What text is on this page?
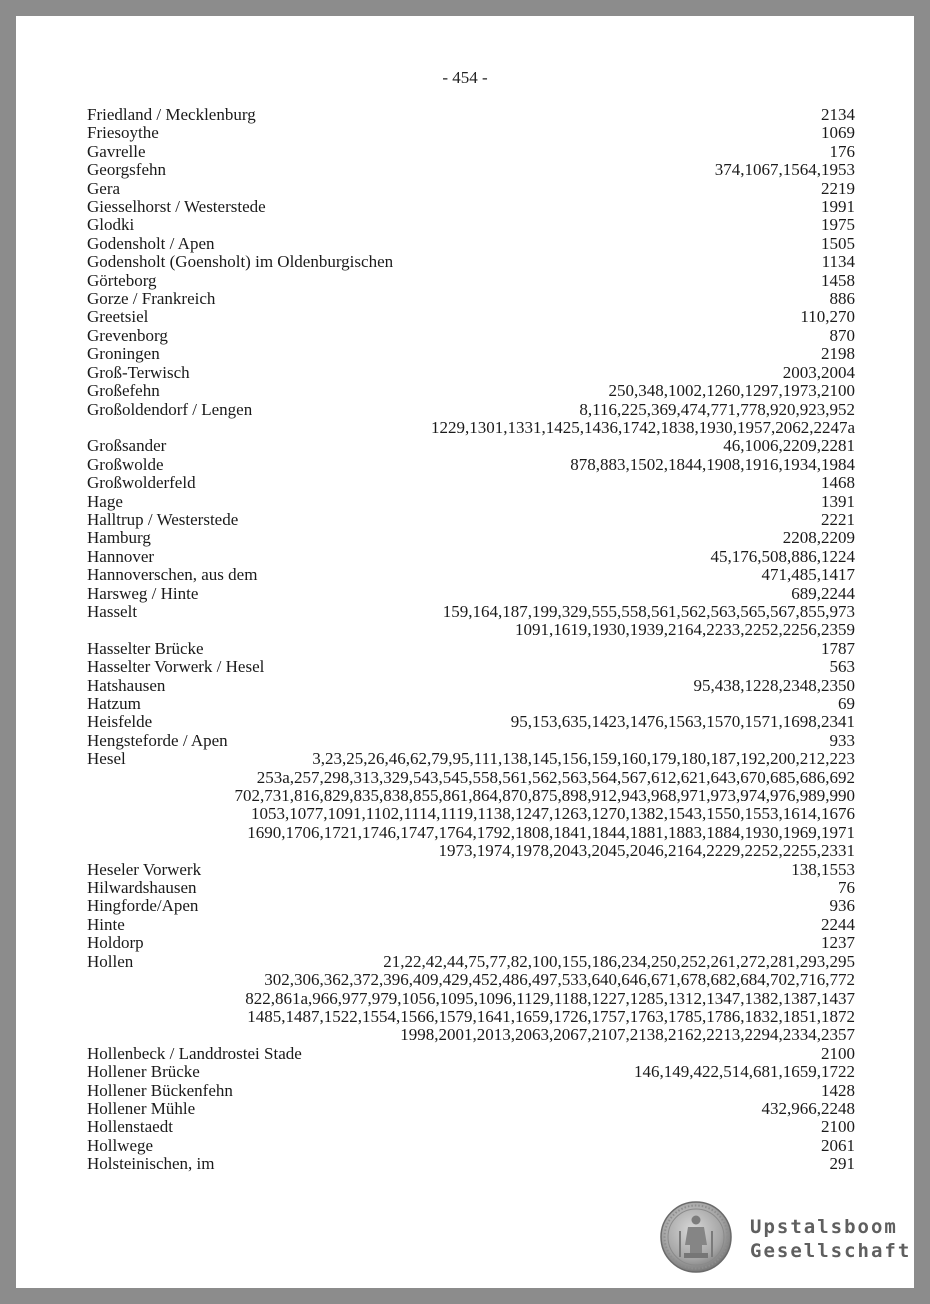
- 454 -
Friedland / Mecklenburg	2134
Friesoythe	1069
Gavrelle	176
Georgsfehn	374,1067,1564,1953
Gera	2219
Giesselhorst / Westerstede	1991
Glodki	1975
Godensholt / Apen	1505
Godensholt (Goensholt) im Oldenburgischen	1134
Görteborg	1458
Gorze / Frankreich	886
Greetsiel	110,270
Grevenborg	870
Groningen	2198
Groß-Terwisch	2003,2004
Großefehn	250,348,1002,1260,1297,1973,2100
Großoldendorf / Lengen	8,116,225,369,474,771,778,920,923,952
1229,1301,1331,1425,1436,1742,1838,1930,1957,2062,2247a
Großsander	46,1006,2209,2281
Großwolde	878,883,1502,1844,1908,1916,1934,1984
Großwolderfeld	1468
Hage	1391
Halltrup / Westerstede	2221
Hamburg	2208,2209
Hannover	45,176,508,886,1224
Hannoverschen, aus dem	471,485,1417
Harsweg / Hinte	689,2244
Hasselt	159,164,187,199,329,555,558,561,562,563,565,567,855,973
1091,1619,1930,1939,2164,2233,2252,2256,2359
Hasselter Brücke	1787
Hasselter Vorwerk / Hesel	563
Hatshausen	95,438,1228,2348,2350
Hatzum	69
Heisfelde	95,153,635,1423,1476,1563,1570,1571,1698,2341
Hengsteforde / Apen	933
Hesel	3,23,25,26,46,62,79,95,111,138,145,156,159,160,179,180,187,192,200,212,223
253a,257,298,313,329,543,545,558,561,562,563,564,567,612,621,643,670,685,686,692
702,731,816,829,835,838,855,861,864,870,875,898,912,943,968,971,973,974,976,989,990
1053,1077,1091,1102,1114,1119,1138,1247,1263,1270,1382,1543,1550,1553,1614,1676
1690,1706,1721,1746,1747,1764,1792,1808,1841,1844,1881,1883,1884,1930,1969,1971
1973,1974,1978,2043,2045,2046,2164,2229,2252,2255,2331
Heseler Vorwerk	138,1553
Hilwardshausen	76
Hingforde/Apen	936
Hinte	2244
Holdorp	1237
Hollen	21,22,42,44,75,77,82,100,155,186,234,250,252,261,272,281,293,295
302,306,362,372,396,409,429,452,486,497,533,640,646,671,678,682,684,702,716,772
822,861a,966,977,979,1056,1095,1096,1129,1188,1227,1285,1312,1347,1382,1387,1437
1485,1487,1522,1554,1566,1579,1641,1659,1726,1757,1763,1785,1786,1832,1851,1872
1998,2001,2013,2063,2067,2107,2138,2162,2213,2294,2334,2357
Hollenbeck / Landdrostei Stade	2100
Hollener Brücke	146,149,422,514,681,1659,1722
Hollener Bückenfehn	1428
Hollener Mühle	432,966,2248
Hollenstaedt	2100
Hollwege	2061
Holsteinischen, im	291
Upstalsboom
Gesellschaft
